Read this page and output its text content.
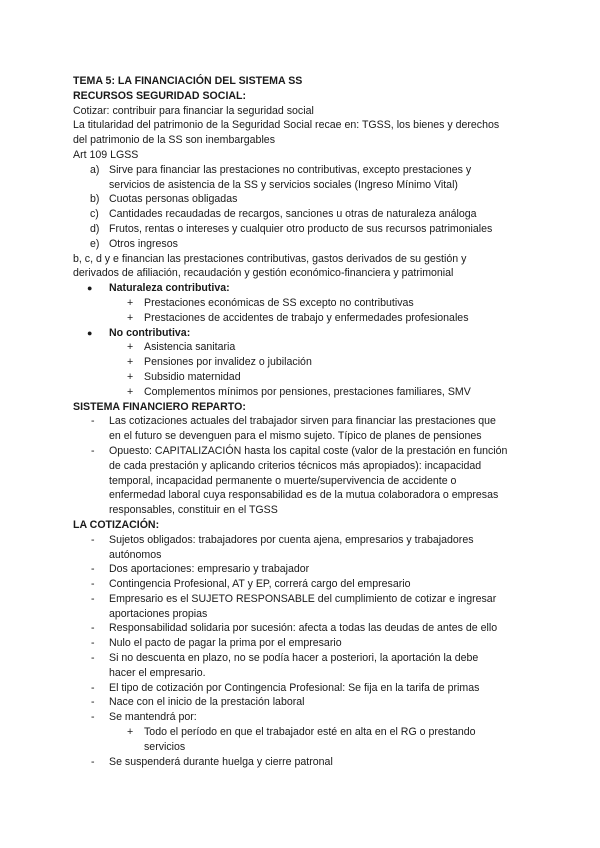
TEMA 5: LA FINANCIACIÓN DEL SISTEMA SS
RECURSOS SEGURIDAD SOCIAL:
Cotizar: contribuir para financiar la seguridad social
La titularidad del patrimonio de la Seguridad Social recae en: TGSS, los bienes y derechos
del patrimonio de la SS son inembargables
Art 109 LGSS
a) Sirve para financiar las prestaciones no contributivas, excepto prestaciones y
servicios de asistencia de la SS y servicios sociales (Ingreso Mínimo Vital)
b) Cuotas personas obligadas
c) Cantidades recaudadas de recargos, sanciones u otras de naturaleza análoga
d) Frutos, rentas o intereses y cualquier otro producto de sus recursos patrimoniales
e) Otros ingresos
b, c, d y e financian las prestaciones contributivas, gastos derivados de su gestión y
derivados de afiliación, recaudación y gestión económico-financiera y patrimonial
● Naturaleza contributiva:
+ Prestaciones económicas de SS excepto no contributivas
+ Prestaciones de accidentes de trabajo y enfermedades profesionales
● No contributiva:
+ Asistencia sanitaria
+ Pensiones por invalidez o jubilación
+ Subsidio maternidad
+ Complementos mínimos por pensiones, prestaciones familiares, SMV
SISTEMA FINANCIERO REPARTO:
- Las cotizaciones actuales del trabajador sirven para financiar las prestaciones que
en el futuro se devenguen para el mismo sujeto. Típico de planes de pensiones
- Opuesto: CAPITALIZACIÓN hasta los capital coste (valor de la prestación en función
de cada prestación y aplicando criterios técnicos más apropiados): incapacidad
temporal, incapacidad permanente o muerte/supervivencia de accidente o
enfermedad laboral cuya responsabilidad es de la mutua colaboradora o empresas
responsables, constituir en el TGSS
LA COTIZACIÓN:
- Sujetos obligados: trabajadores por cuenta ajena, empresarios y trabajadores
autónomos
- Dos aportaciones: empresario y trabajador
- Contingencia Profesional, AT y EP, correrá cargo del empresario
- Empresario es el SUJETO RESPONSABLE del cumplimiento de cotizar e ingresar
aportaciones propias
- Responsabilidad solidaria por sucesión: afecta a todas las deudas de antes de ello
- Nulo el pacto de pagar la prima por el empresario
- Si no descuenta en plazo, no se podía hacer a posteriori, la aportación la debe
hacer el empresario.
- El tipo de cotización por Contingencia Profesional: Se fija en la tarifa de primas
- Nace con el inicio de la prestación laboral
- Se mantendrá por:
+ Todo el período en que el trabajador esté en alta en el RG o prestando
servicios
- Se suspenderá durante huelga y cierre patronal
